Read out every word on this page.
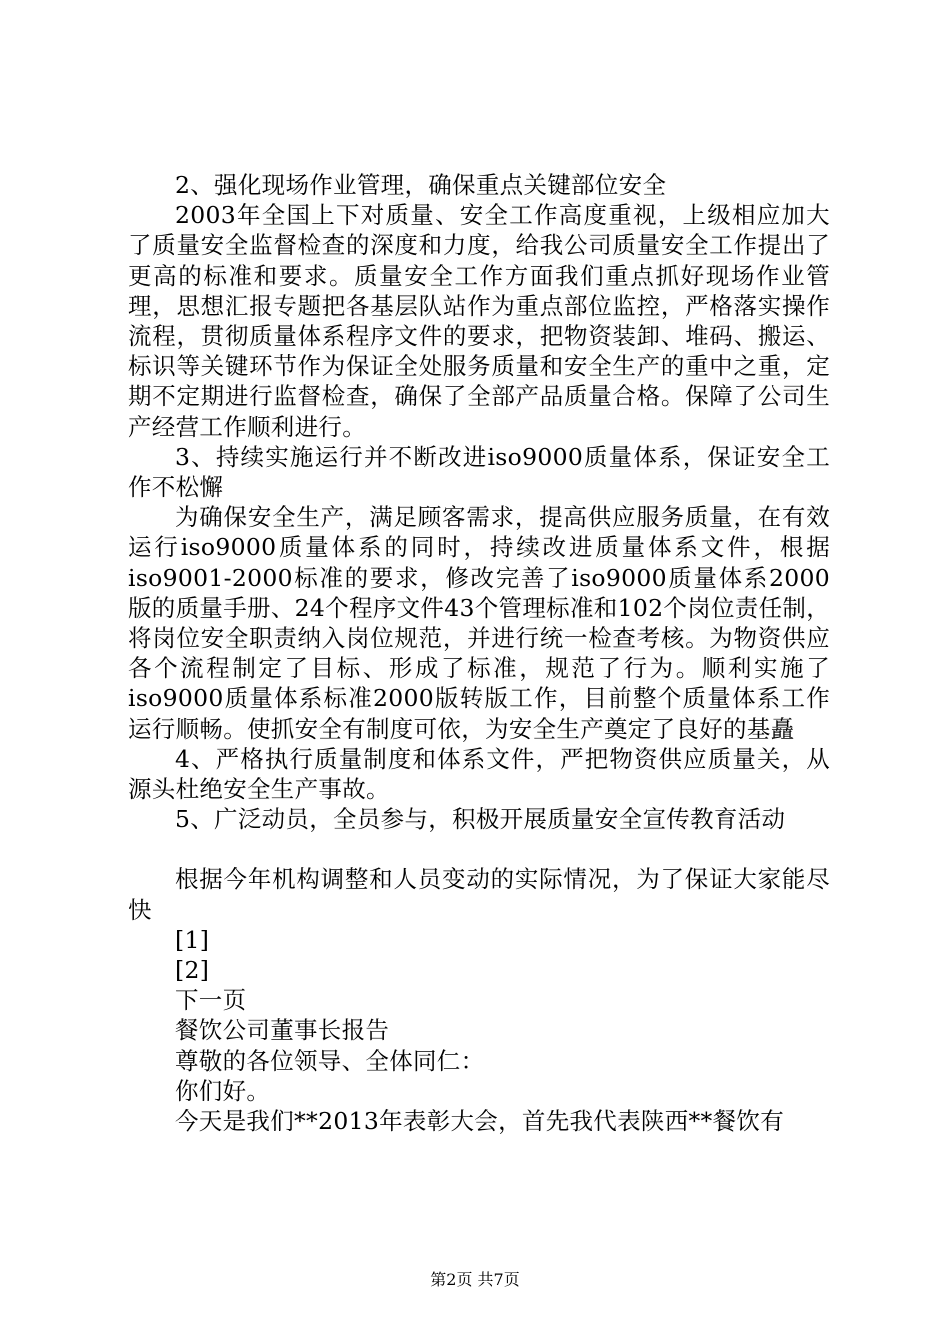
2、强化现场作业管理，确保重点关键部位安全

2003年全国上下对质量、安全工作高度重视，上级相应加大了质量安全监督检查的深度和力度，给我公司质量安全工作提出了更高的标准和要求。质量安全工作方面我们重点抓好现场作业管理，思想汇报专题把各基层队站作为重点部位监控，严格落实操作流程，贯彻质量体系程序文件的要求，把物资装卸、堆码、搬运、标识等关键环节作为保证全处服务质量和安全生产的重中之重，定期不定期进行监督检查，确保了全部产品质量合格。保障了公司生产经营工作顺利进行。

3、持续实施运行并不断改进iso9000质量体系，保证安全工作不松懈

为确保安全生产，满足顾客需求，提高供应服务质量，在有效运行iso9000质量体系的同时，持续改进质量体系文件，根据iso9001-2000标准的要求，修改完善了iso9000质量体系2000版的质量手册、24个程序文件43个管理标准和102个岗位责任制，将岗位安全职责纳入岗位规范，并进行统一检查考核。为物资供应各个流程制定了目标、形成了标准，规范了行为。顺利实施了iso9000质量体系标准2000版转版工作，目前整个质量体系工作运行顺畅。使抓安全有制度可依，为安全生产奠定了良好的基矗

4、严格执行质量制度和体系文件，严把物资供应质量关，从源头杜绝安全生产事故。

5、广泛动员，全员参与，积极开展质量安全宣传教育活动

根据今年机构调整和人员变动的实际情况，为了保证大家能尽快

[1]

[2]

下一页

餐饮公司董事长报告

尊敬的各位领导、全体同仁：

你们好。

今天是我们**2013年表彰大会，首先我代表陕西**餐饮有

第2页 共7页
